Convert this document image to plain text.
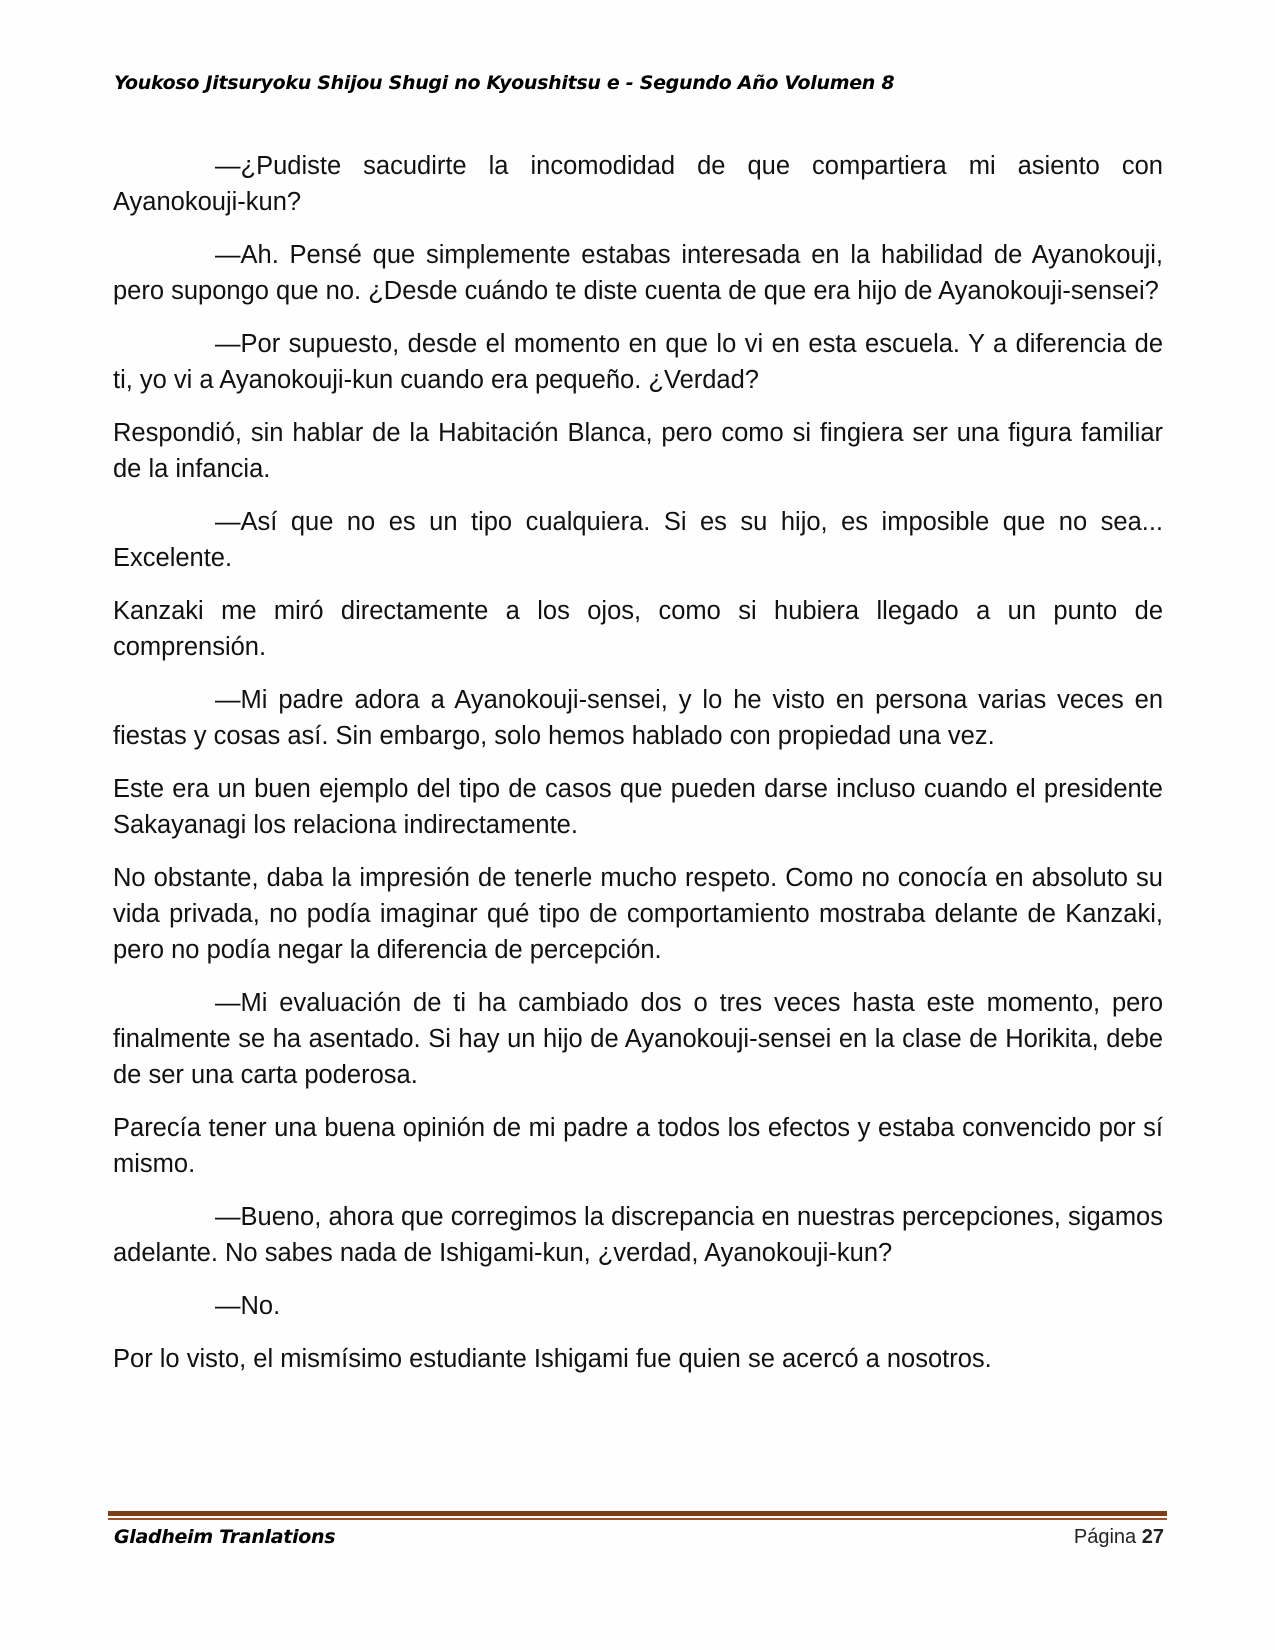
Youkoso Jitsuryoku Shijou Shugi no Kyoushitsu e - Segundo Año Volumen 8

—¿Pudiste sacudirte la incomodidad de que compartiera mi asiento con Ayanokouji-kun?

—Ah. Pensé que simplemente estabas interesada en la habilidad de Ayanokouji, pero supongo que no. ¿Desde cuándo te diste cuenta de que era hijo de Ayanokouji-sensei?

—Por supuesto, desde el momento en que lo vi en esta escuela. Y a diferencia de ti, yo vi a Ayanokouji-kun cuando era pequeño. ¿Verdad?

Respondió, sin hablar de la Habitación Blanca, pero como si fingiera ser una figura familiar de la infancia.

—Así que no es un tipo cualquiera. Si es su hijo, es imposible que no sea... Excelente.

Kanzaki me miró directamente a los ojos, como si hubiera llegado a un punto de comprensión.

—Mi padre adora a Ayanokouji-sensei, y lo he visto en persona varias veces en fiestas y cosas así. Sin embargo, solo hemos hablado con propiedad una vez.

Este era un buen ejemplo del tipo de casos que pueden darse incluso cuando el presidente Sakayanagi los relaciona indirectamente.

No obstante, daba la impresión de tenerle mucho respeto. Como no conocía en absoluto su vida privada, no podía imaginar qué tipo de comportamiento mostraba delante de Kanzaki, pero no podía negar la diferencia de percepción.

—Mi evaluación de ti ha cambiado dos o tres veces hasta este momento, pero finalmente se ha asentado. Si hay un hijo de Ayanokouji-sensei en la clase de Horikita, debe de ser una carta poderosa.

Parecía tener una buena opinión de mi padre a todos los efectos y estaba convencido por sí mismo.

—Bueno, ahora que corregimos la discrepancia en nuestras percepciones, sigamos adelante. No sabes nada de Ishigami-kun, ¿verdad, Ayanokouji-kun?

—No.

Por lo visto, el mismísimo estudiante Ishigami fue quien se acercó a nosotros.

Gladheim Tranlations	Página 27
